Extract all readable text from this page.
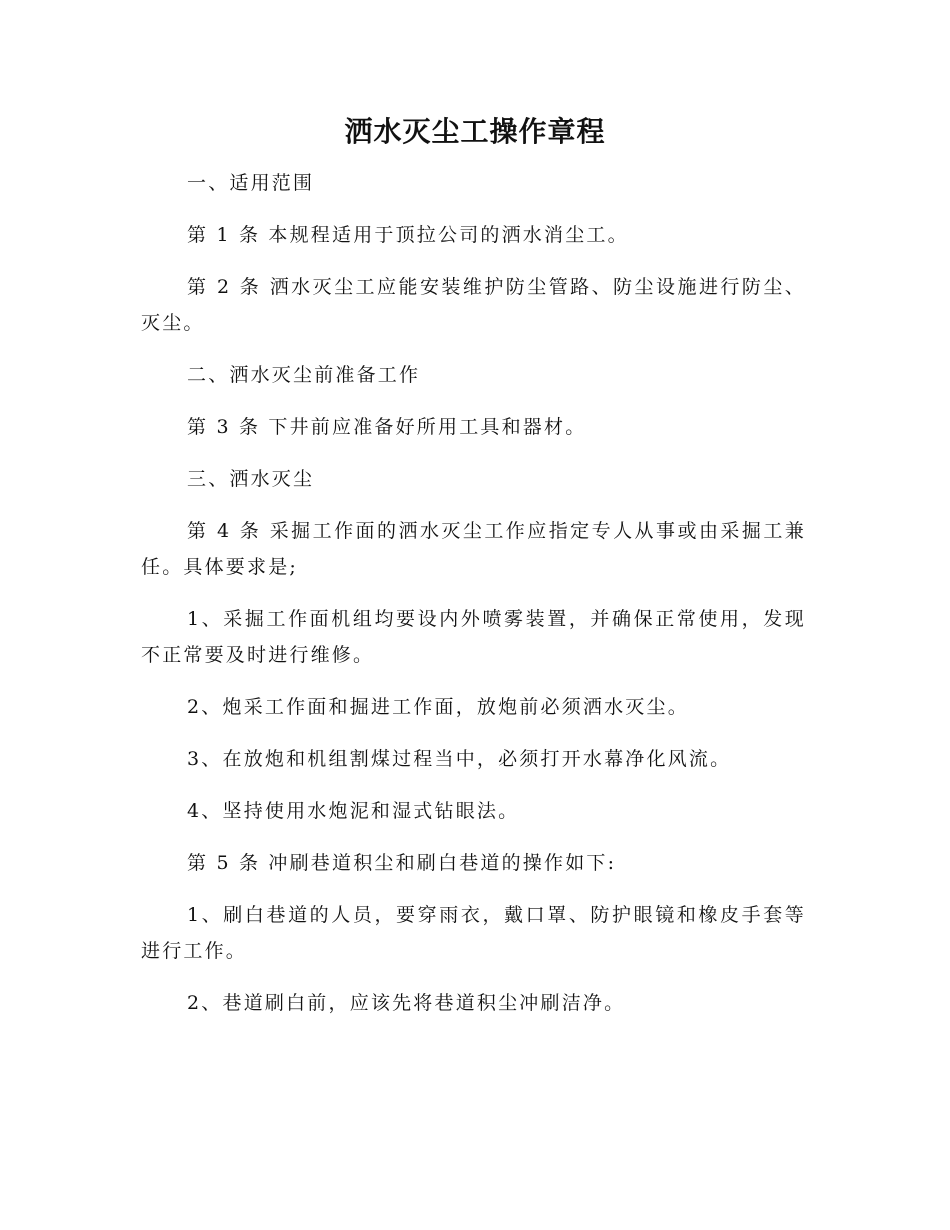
洒水灭尘工操作章程

一、适用范围

第 1 条 本规程适用于顶拉公司的洒水消尘工。

第 2 条 洒水灭尘工应能安装维护防尘管路、防尘设施进行防尘、灭尘。

二、洒水灭尘前准备工作

第 3 条 下井前应准备好所用工具和器材。

三、洒水灭尘

第 4 条 采掘工作面的洒水灭尘工作应指定专人从事或由采掘工兼任。具体要求是;

1、采掘工作面机组均要设内外喷雾装置，并确保正常使用，发现不正常要及时进行维修。

2、炮采工作面和掘进工作面，放炮前必须洒水灭尘。

3、在放炮和机组割煤过程当中，必须打开水幕净化风流。

4、坚持使用水炮泥和湿式钻眼法。

第 5 条 冲刷巷道积尘和刷白巷道的操作如下:

1、刷白巷道的人员，要穿雨衣，戴口罩、防护眼镜和橡皮手套等进行工作。

2、巷道刷白前，应该先将巷道积尘冲刷洁净。
